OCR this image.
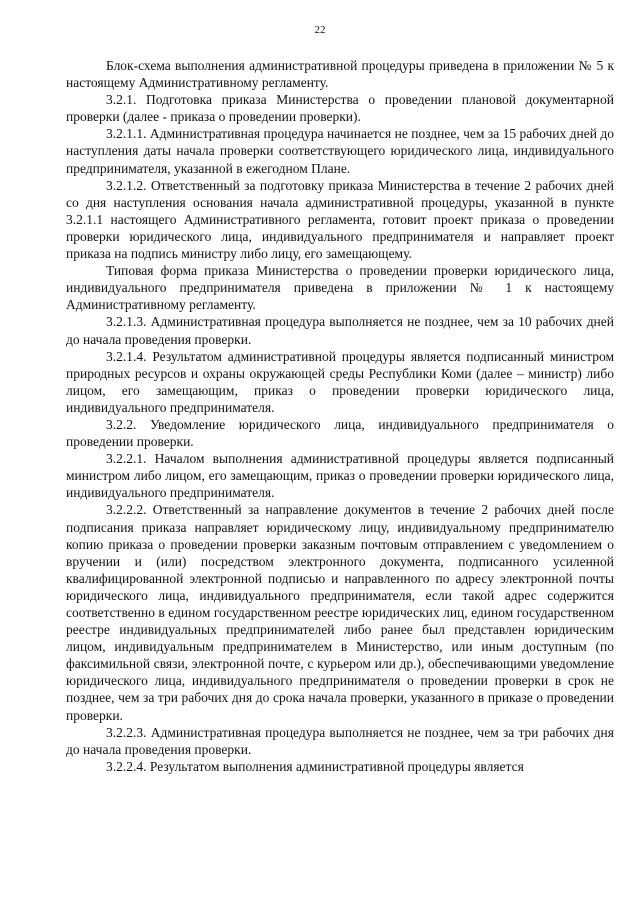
22

Блок-схема выполнения административной процедуры приведена в приложении № 5 к настоящему Административному регламенту.

3.2.1. Подготовка приказа Министерства о проведении плановой документарной проверки (далее - приказа о проведении проверки).

3.2.1.1. Административная процедура начинается не позднее, чем за 15 рабочих дней до наступления даты начала проверки соответствующего юридического лица, индивидуального предпринимателя, указанной в ежегодном Плане.

3.2.1.2. Ответственный за подготовку приказа Министерства в течение 2 рабочих дней со дня наступления основания начала административной процедуры, указанной в пункте 3.2.1.1 настоящего Административного регламента, готовит проект приказа о проведении проверки юридического лица, индивидуального предпринимателя и направляет проект приказа на подпись министру либо лицу, его замещающему.

Типовая форма приказа Министерства о проведении проверки юридического лица, индивидуального предпринимателя приведена в приложении № 1 к настоящему Административному регламенту.

3.2.1.3. Административная процедура выполняется не позднее, чем за 10 рабочих дней до начала проведения проверки.

3.2.1.4. Результатом административной процедуры является подписанный министром природных ресурсов и охраны окружающей среды Республики Коми (далее – министр) либо лицом, его замещающим, приказ о проведении проверки юридического лица, индивидуального предпринимателя.

3.2.2. Уведомление юридического лица, индивидуального предпринимателя о проведении проверки.

3.2.2.1. Началом выполнения административной процедуры является подписанный министром либо лицом, его замещающим, приказ о проведении проверки юридического лица, индивидуального предпринимателя.

3.2.2.2. Ответственный за направление документов в течение 2 рабочих дней после подписания приказа направляет юридическому лицу, индивидуальному предпринимателю копию приказа о проведении проверки заказным почтовым отправлением с уведомлением о вручении и (или) посредством электронного документа, подписанного усиленной квалифицированной электронной подписью и направленного по адресу электронной почты юридического лица, индивидуального предпринимателя, если такой адрес содержится соответственно в едином государственном реестре юридических лиц, едином государственном реестре индивидуальных предпринимателей либо ранее был представлен юридическим лицом, индивидуальным предпринимателем в Министерство, или иным доступным (по факсимильной связи, электронной почте, с курьером или др.), обеспечивающими уведомление юридического лица, индивидуального предпринимателя о проведении проверки в срок не позднее, чем за три рабочих дня до срока начала проверки, указанного в приказе о проведении проверки.

3.2.2.3. Административная процедура выполняется не позднее, чем за три рабочих дня до начала проведения проверки.

3.2.2.4. Результатом выполнения административной процедуры является
